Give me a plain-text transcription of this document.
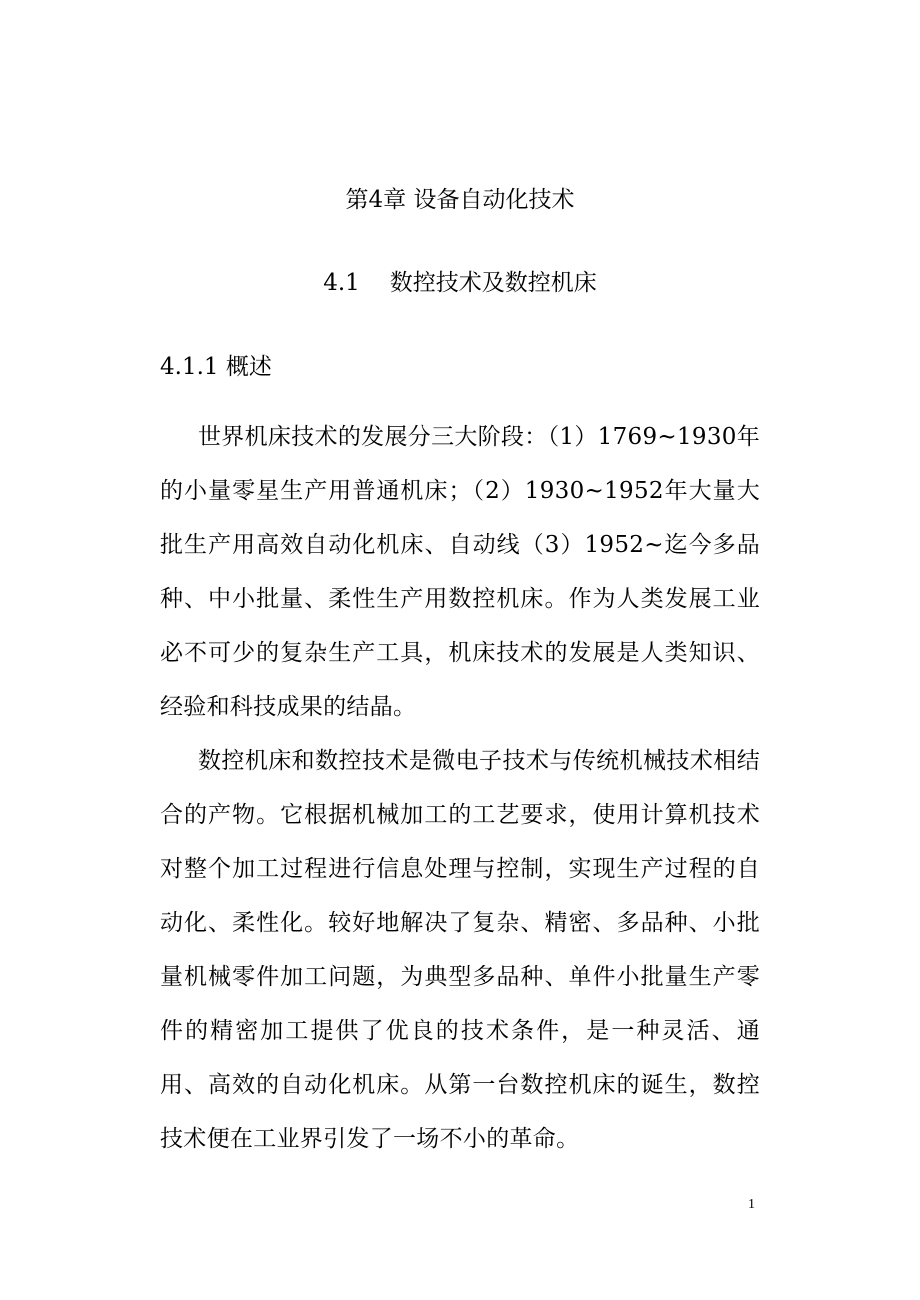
第4章 设备自动化技术
4.1 数控技术及数控机床
4.1.1 概述

世界机床技术的发展分三大阶段：（1）1769~1930年的小量零星生产用普通机床；（2）1930~1952年大量大批生产用高效自动化机床、自动线（3）1952~迄今多品种、中小批量、柔性生产用数控机床。作为人类发展工业必不可少的复杂生产工具，机床技术的发展是人类知识、经验和科技成果的结晶。

数控机床和数控技术是微电子技术与传统机械技术相结合的产物。它根据机械加工的工艺要求，使用计算机技术对整个加工过程进行信息处理与控制，实现生产过程的自动化、柔性化。较好地解决了复杂、精密、多品种、小批量机械零件加工问题，为典型多品种、单件小批量生产零件的精密加工提供了优良的技术条件，是一种灵活、通用、高效的自动化机床。从第一台数控机床的诞生，数控技术便在工业界引发了一场不小的革命。

1
